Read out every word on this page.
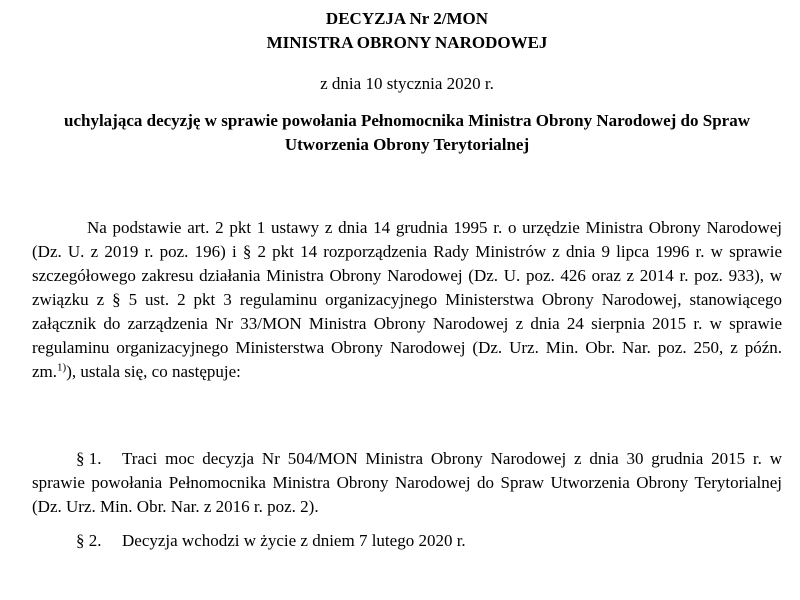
DECYZJA Nr 2/MON

MINISTRA OBRONY NARODOWEJ

z dnia 10 stycznia 2020 r.

uchylająca decyzję w sprawie powołania Pełnomocnika Ministra Obrony Narodowej do Spraw Utworzenia Obrony Terytorialnej

Na podstawie art. 2 pkt 1 ustawy z dnia 14 grudnia 1995 r. o urzędzie Ministra Obrony Narodowej (Dz. U. z 2019 r. poz. 196) i § 2 pkt 14 rozporządzenia Rady Ministrów z dnia 9 lipca 1996 r. w sprawie szczegółowego zakresu działania Ministra Obrony Narodowej (Dz. U. poz. 426 oraz z 2014 r. poz. 933), w związku z § 5 ust. 2 pkt 3 regulaminu organizacyjnego Ministerstwa Obrony Narodowej, stanowiącego załącznik do zarządzenia Nr 33/MON Ministra Obrony Narodowej z dnia 24 sierpnia 2015 r. w sprawie regulaminu organizacyjnego Ministerstwa Obrony Narodowej (Dz. Urz. Min. Obr. Nar. poz. 250, z późn. zm.$^{1)}$), ustala się, co następuje:

§ 1. Traci moc decyzja Nr 504/MON Ministra Obrony Narodowej z dnia 30 grudnia 2015 r. w sprawie powołania Pełnomocnika Ministra Obrony Narodowej do Spraw Utworzenia Obrony Terytorialnej (Dz. Urz. Min. Obr. Nar. z 2016 r. poz. 2).

§ 2. Decyzja wchodzi w życie z dniem 7 lutego 2020 r.
